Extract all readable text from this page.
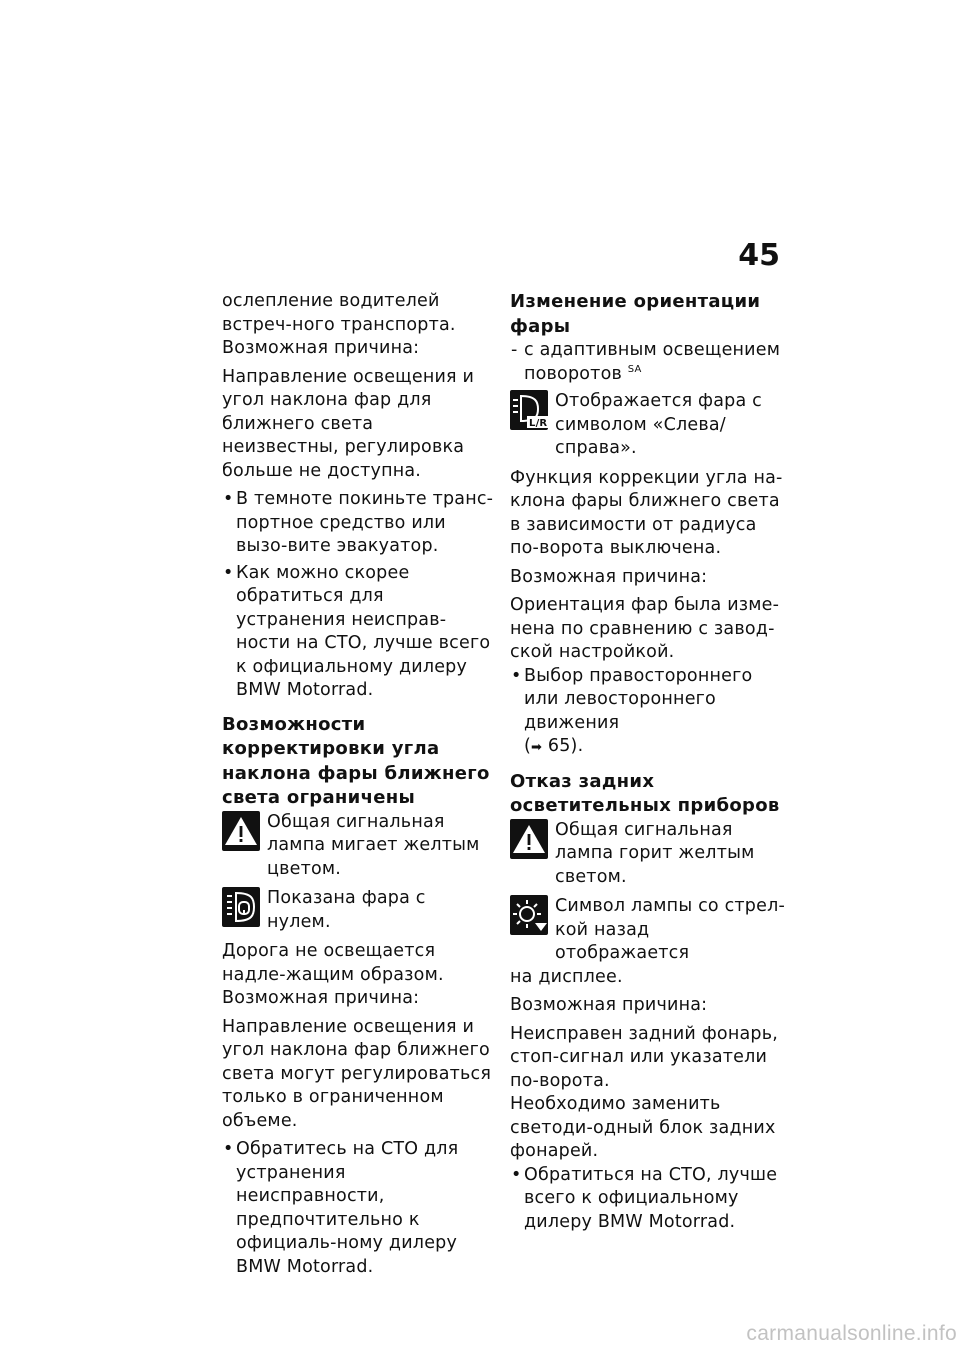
45
ослепление водителей встреч-ного транспорта.
Возможная причина:
Направление освещения и угол наклона фар для ближнего света неизвестны, регулировка больше не доступна.
• В темноте покиньте транс-портное средство или вызо-вите эвакуатор.
• Как можно скорее обратиться для устранения неисправ-ности на СТО, лучше всего к официальному дилеру BMW Motorrad.
Возможности корректировки угла наклона фары ближнего света ограничены
Общая сигнальная лампа мигает желтым цветом.
Показана фара с нулем.
Дорога не освещается надле-жащим образом.
Возможная причина:
Направление освещения и угол наклона фар ближнего света могут регулироваться только в ограниченном объеме.
• Обратитесь на СТО для устранения неисправности, предпочтительно к официаль-ному дилеру BMW Motorrad.
Изменение ориентации фары
- с адаптивным освещением поворотов $^{SA}$
L/R
Отображается фара с символом «Слева/справа».
Функция коррекции угла на-клона фары ближнего света в зависимости от радиуса по-ворота выключена.
Возможная причина:
Ориентация фар была изме-нена по сравнению с завод-ской настройкой.
• Выбор правостороннего или левостороннего движения
(➡ 65).
Отказ задних осветительных приборов
Общая сигнальная лампа горит желтым светом.
Символ лампы со стрел-кой назад отображается
на дисплее.
Возможная причина:
Неисправен задний фонарь, стоп-сигнал или указатели по-ворота.
Необходимо заменить светоди-одный блок задних фонарей.
• Обратиться на СТО, лучше всего к официальному дилеру BMW Motorrad.
carmanualsonline.info
